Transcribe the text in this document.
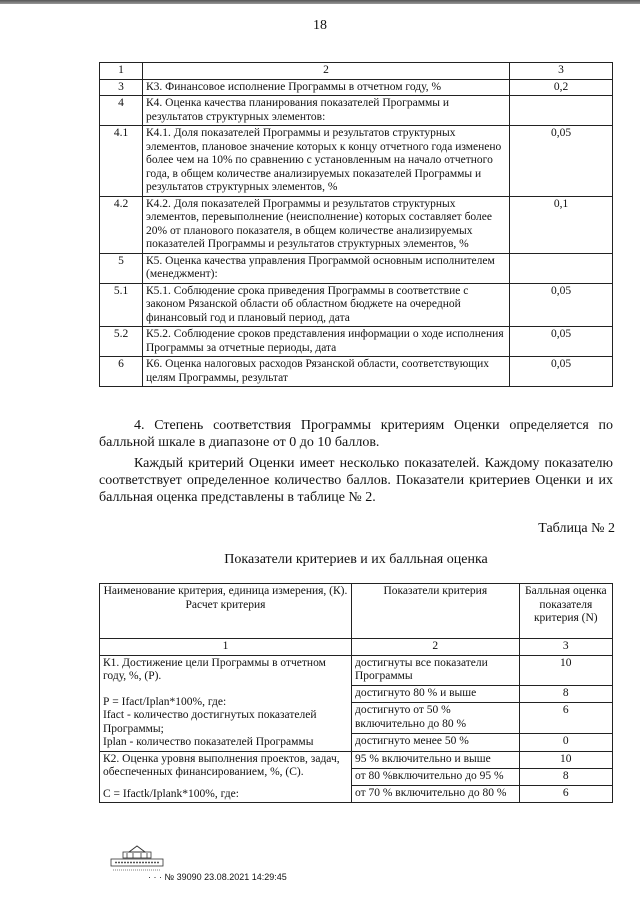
18
1	2	3
3	К3. Финансовое исполнение Программы в отчетном году, %	0,2
4	К4. Оценка качества планирования показателей Программы и результатов структурных элементов:	
4.1	К4.1. Доля показателей Программы и результатов структурных элементов, плановое значение которых к концу отчетного года изменено более чем на 10% по сравнению с установленным на начало отчетного года, в общем количестве анализируемых показателей Программы и результатов структурных элементов, %	0,05
4.2	К4.2. Доля показателей Программы и результатов структурных элементов, перевыполнение (неисполнение) которых составляет более 20% от планового показателя, в общем количестве анализируемых показателей Программы и результатов структурных элементов, %	0,1
5	К5. Оценка качества управления Программой основным исполнителем (менеджмент):	
5.1	К5.1. Соблюдение срока приведения Программы в соответствие с законом Рязанской области об областном бюджете на очередной финансовый год и плановый период, дата	0,05
5.2	К5.2. Соблюдение сроков представления информации о ходе исполнения Программы за отчетные периоды, дата	0,05
6	К6. Оценка налоговых расходов Рязанской области, соответствующих целям Программы, результат	0,05

4. Степень соответствия Программы критериям Оценки определяется по балльной шкале в диапазоне от 0 до 10 баллов.

Каждый критерий Оценки имеет несколько показателей. Каждому показателю соответствует определенное количество баллов. Показатели критериев Оценки и их балльная оценка представлены в таблице № 2.

Таблица № 2
Показатели критериев и их балльная оценка
Наименование критерия, единица измерения, (К). Расчет критерия	Показатели критерия	Балльная оценка показателя критерия (N)
1	2	3

К1. Достижение цели Программы в отчетном году, %, (Р).
Р = Ifact/Iplan*100%, где:
Ifact - количество достигнутых показателей Программы;
Iplan - количество показателей Программы	достигнуты все показатели Программы	10
	достигнуто 80 % и выше	8
	достигнуто от 50 % включительно до 80 %	6
	достигнуто менее 50 %	0

К2. Оценка уровня выполнения проектов, задач, обеспеченных финансированием, %, (С).
С = Ifactk/Iplank*100%, где:	95 % включительно и выше	10
	от 80 %включительно до 95 %	8
	от 70 % включительно до 80 %	6
· · · № 39090 23.08.2021 14:29:45
